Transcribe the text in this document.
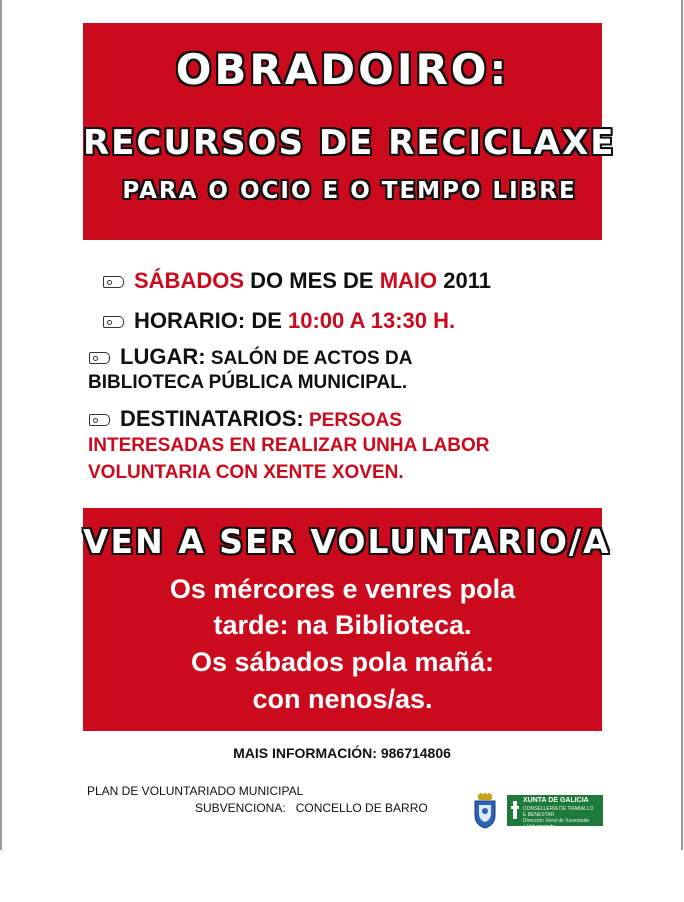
OBRADOIRO:
RECURSOS DE RECICLAXE
PARA O OCIO E O TEMPO LIBRE
SÁBADOS DO MES DE MAIO 2011
HORARIO: DE 10:00 A 13:30 H.
LUGAR: SALÓN DE ACTOS DA
BIBLIOTECA PÚBLICA MUNICIPAL.
DESTINATARIOS: PERSOAS
INTERESADAS EN REALIZAR UNHA LABOR
VOLUNTARIA CON XENTE XOVEN.
VEN A SER VOLUNTARIO/A
Os mércores e venres pola
tarde: na Biblioteca.
Os sábados pola mañá:
con nenos/as.
MAIS INFORMACIÓN: 986714806
PLAN DE VOLUNTARIADO MUNICIPAL
SUBVENCIONA:   CONCELLO DE BARRO
XUNTA DE GALICIA
CONSELLERÍA DE TRABALLO
E BENESTAR
Dirección Xeral de Xuventude
e Voluntariado
